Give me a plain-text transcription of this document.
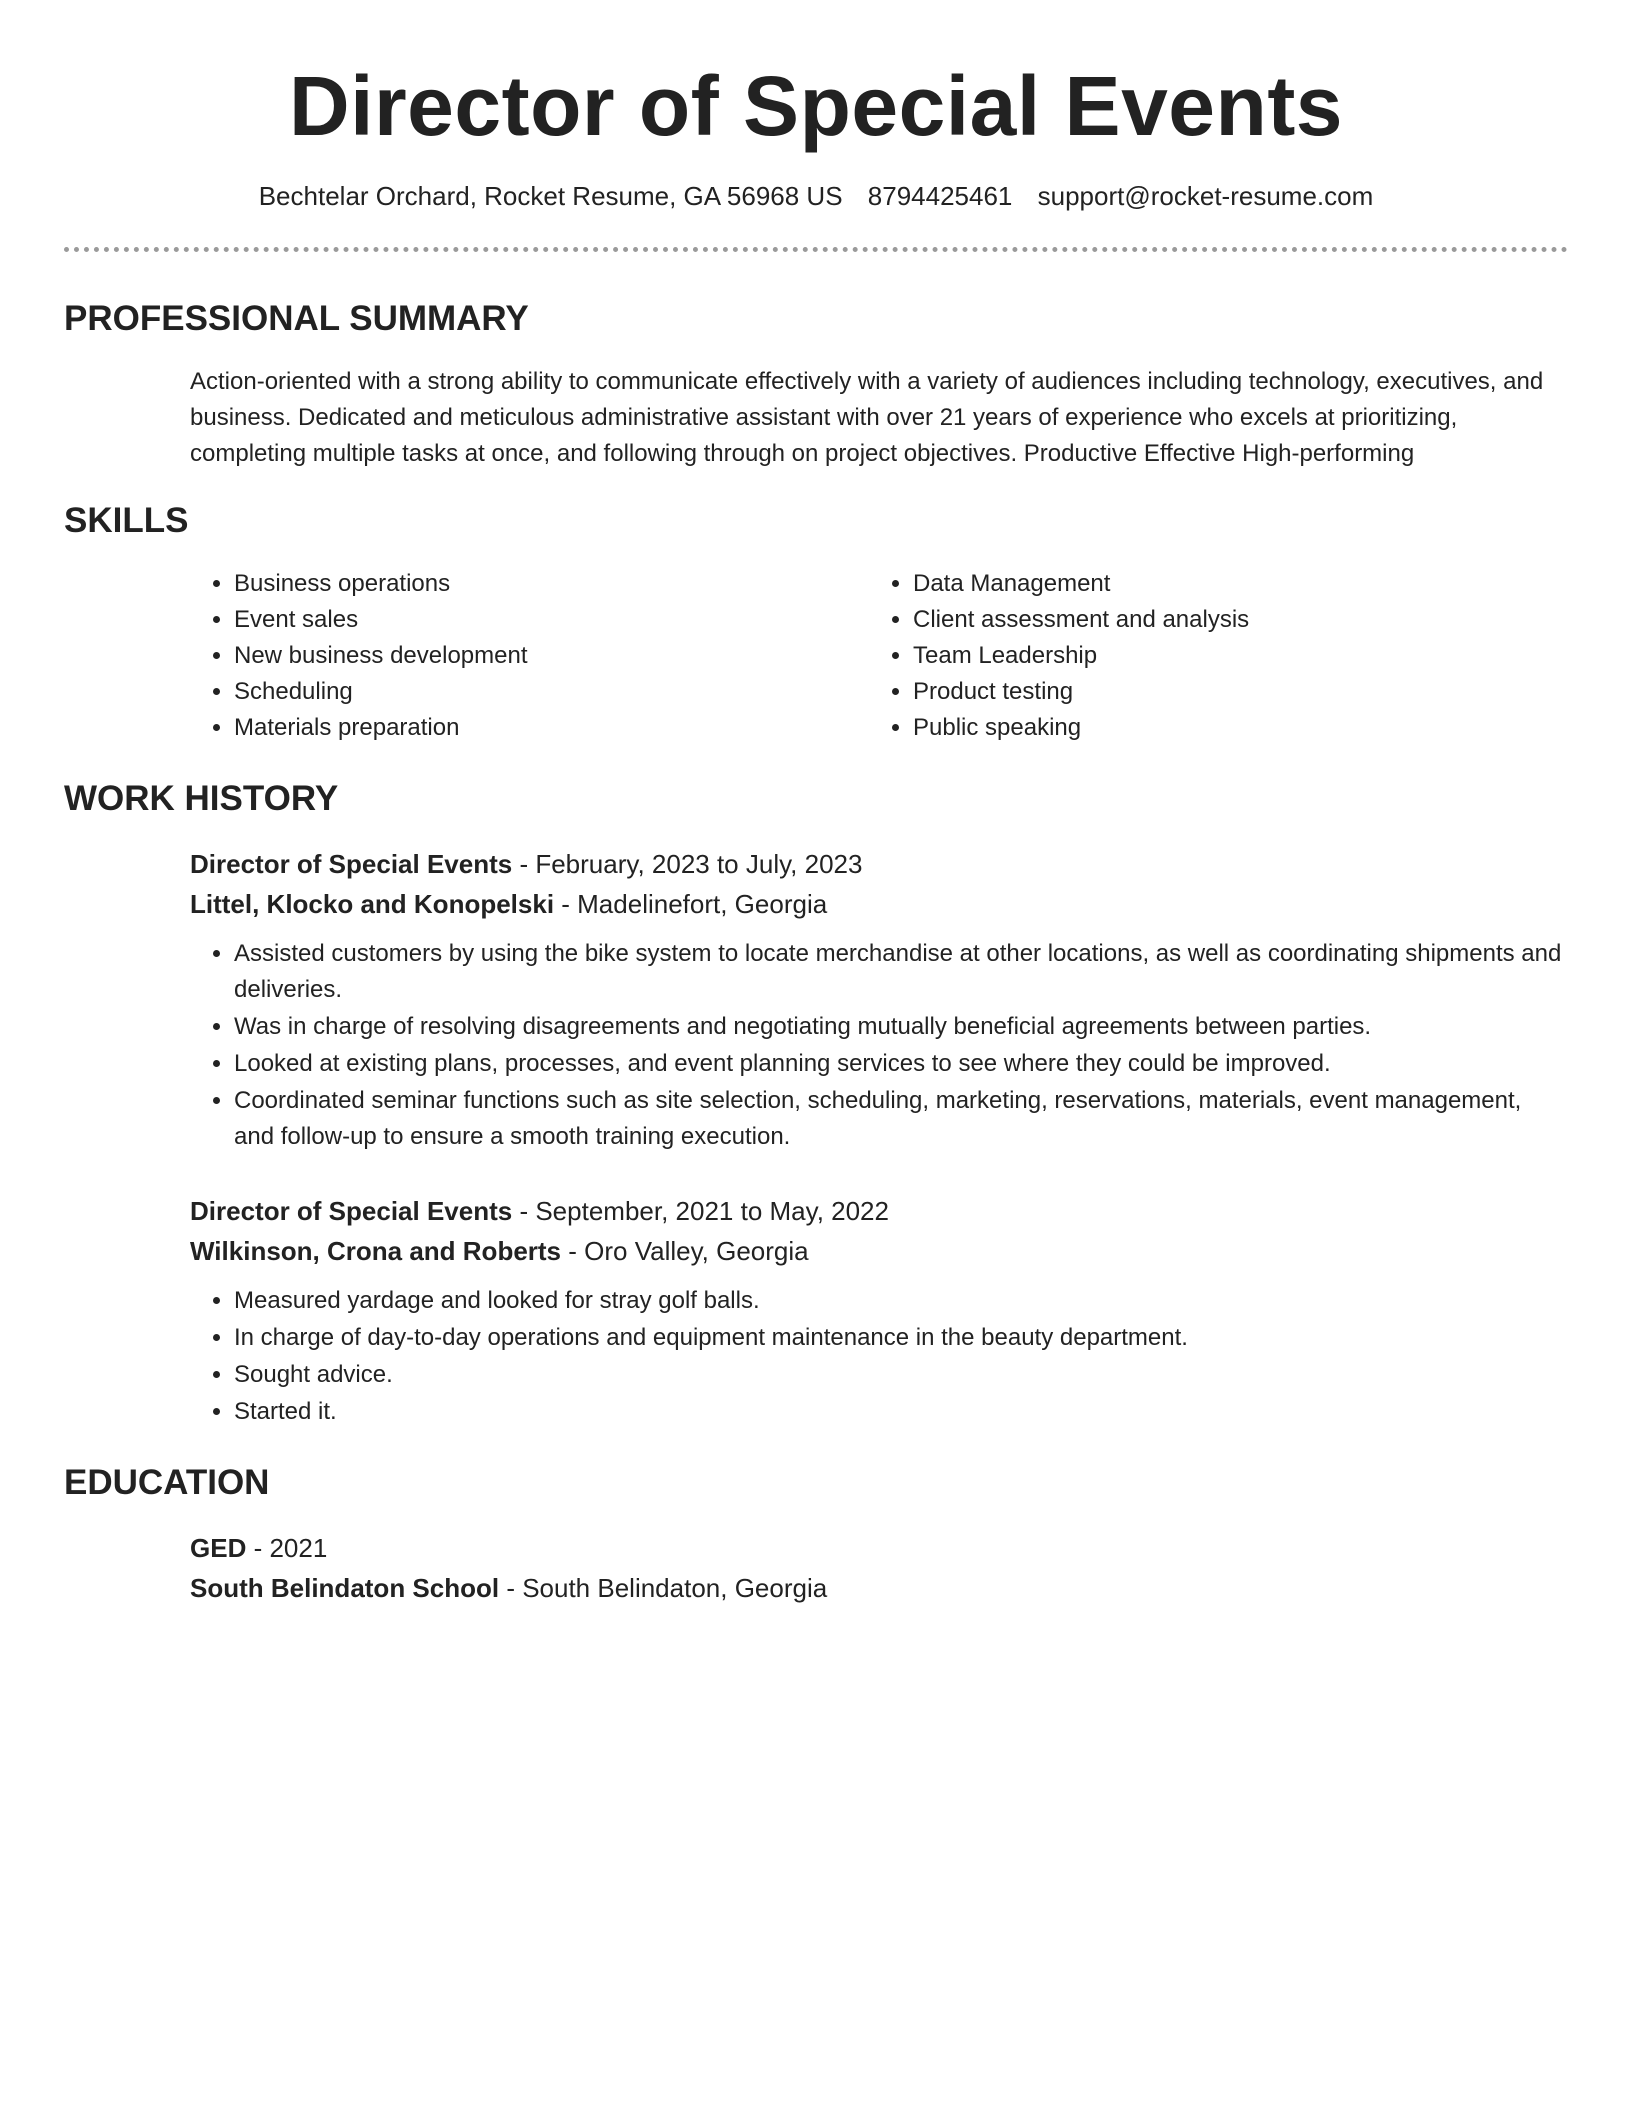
Director of Special Events
Bechtelar Orchard, Rocket Resume, GA 56968 US 8794425461 support@rocket-resume.com
PROFESSIONAL SUMMARY
Action-oriented with a strong ability to communicate effectively with a variety of audiences including technology, executives, and business. Dedicated and meticulous administrative assistant with over 21 years of experience who excels at prioritizing, completing multiple tasks at once, and following through on project objectives. Productive Effective High-performing
SKILLS
• Business operations
• Event sales
• New business development
• Scheduling
• Materials preparation
• Data Management
• Client assessment and analysis
• Team Leadership
• Product testing
• Public speaking
WORK HISTORY
Director of Special Events - February, 2023 to July, 2023
Littel, Klocko and Konopelski - Madelinefort, Georgia
• Assisted customers by using the bike system to locate merchandise at other locations, as well as coordinating shipments and deliveries.
• Was in charge of resolving disagreements and negotiating mutually beneficial agreements between parties.
• Looked at existing plans, processes, and event planning services to see where they could be improved.
• Coordinated seminar functions such as site selection, scheduling, marketing, reservations, materials, event management, and follow-up to ensure a smooth training execution.
Director of Special Events - September, 2021 to May, 2022
Wilkinson, Crona and Roberts - Oro Valley, Georgia
• Measured yardage and looked for stray golf balls.
• In charge of day-to-day operations and equipment maintenance in the beauty department.
• Sought advice.
• Started it.
EDUCATION
GED - 2021
South Belindaton School - South Belindaton, Georgia
